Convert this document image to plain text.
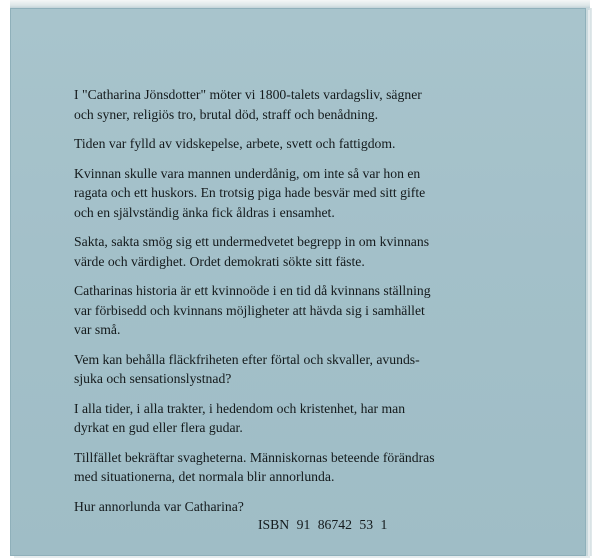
I "Catharina Jönsdotter" möter vi 1800-talets vardagsliv, sägner
och syner, religiös tro, brutal död, straff och benådning.

Tiden var fylld av vidskepelse, arbete, svett och fattigdom.

Kvinnan skulle vara mannen underdånig, om inte så var hon en
ragata och ett huskors. En trotsig piga hade besvär med sitt gifte
och en självständig änka fick åldras i ensamhet.

Sakta, sakta smög sig ett undermedvetet begrepp in om kvinnans
värde och värdighet. Ordet demokrati sökte sitt fäste.

Catharinas historia är ett kvinnoöde i en tid då kvinnans ställning
var förbisedd och kvinnans möjligheter att hävda sig i samhället
var små.

Vem kan behålla fläckfriheten efter förtal och skvaller, avunds-
sjuka och sensationslystnad?

I alla tider, i alla trakter, i hedendom och kristenhet, har man
dyrkat en gud eller flera gudar.

Tillfället bekräftar svagheterna. Människornas beteende förändras
med situationerna, det normala blir annorlunda.

Hur annorlunda var Catharina?

ISBN 91 86742 53 1
